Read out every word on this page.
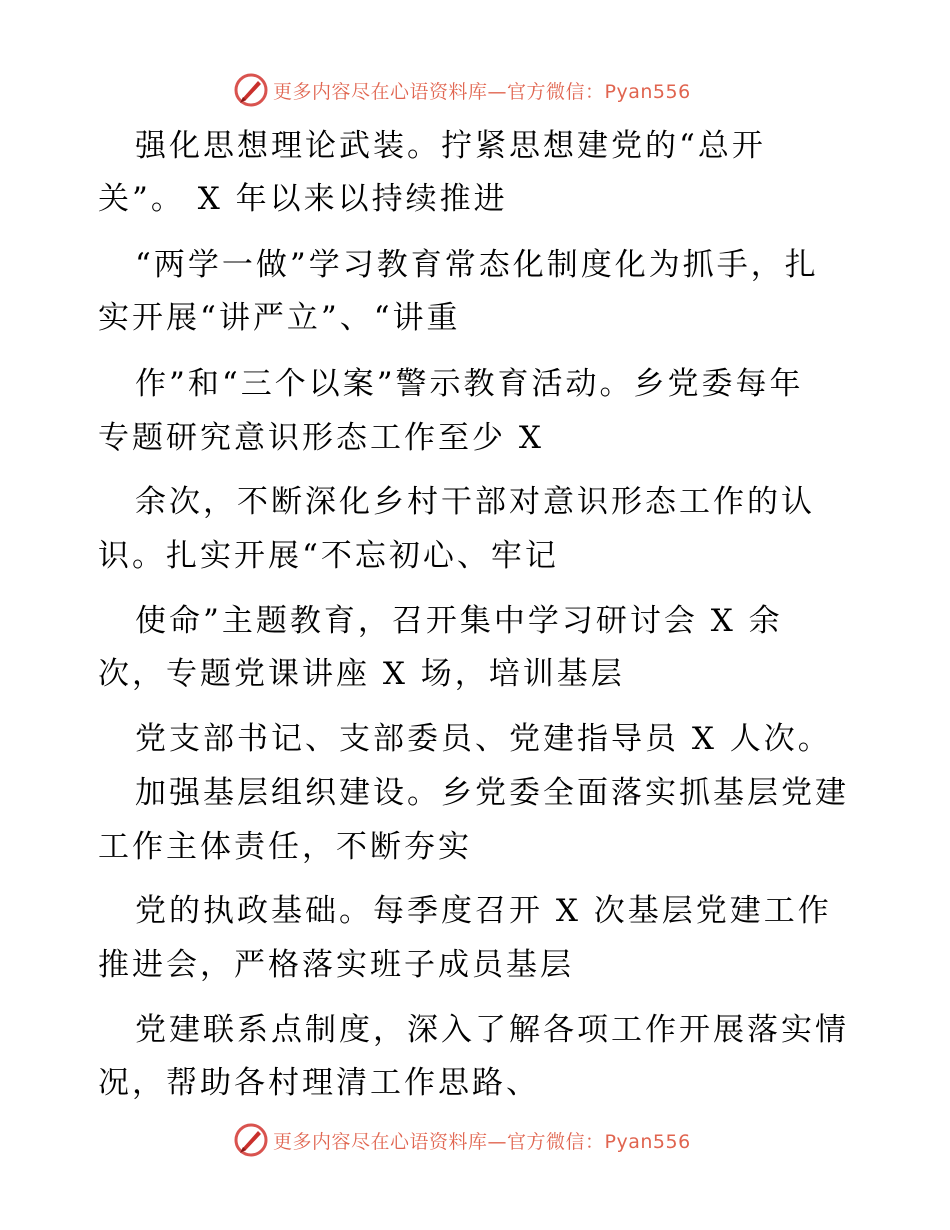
更多内容尽在心语资料库—官方微信：Pyan556
强化思想理论武装。拧紧思想建党的“总开
关”。 X 年以来以持续推进
“两学一做”学习教育常态化制度化为抓手，扎
实开展“讲严立”、“讲重
作”和“三个以案”警示教育活动。乡党委每年
专题研究意识形态工作至少 X
余次，不断深化乡村干部对意识形态工作的认
识。扎实开展“不忘初心、牢记
使命”主题教育，召开集中学习研讨会 X 余
次，专题党课讲座 X 场，培训基层
党支部书记、支部委员、党建指导员 X 人次。
加强基层组织建设。乡党委全面落实抓基层党建
工作主体责任，不断夯实
党的执政基础。每季度召开 X 次基层党建工作
推进会，严格落实班子成员基层
党建联系点制度，深入了解各项工作开展落实情
况，帮助各村理清工作思路、
更多内容尽在心语资料库—官方微信：Pyan556
